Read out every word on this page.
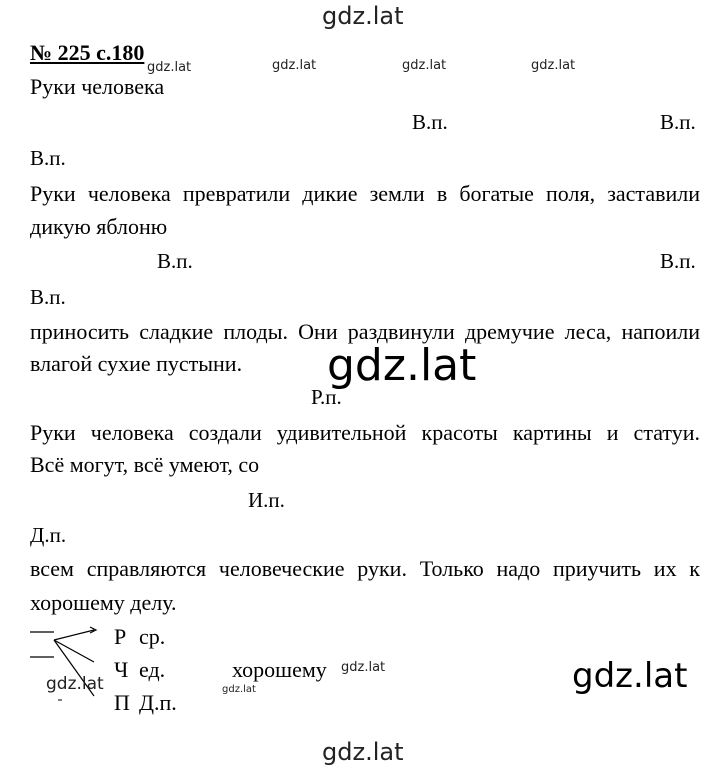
gdz.lat
gdz.lat	gdz.lat	gdz.lat	gdz.lat
№ 225 с.180
Руки человека
В.п.	В.п.
В.п.
Руки человека превратили дикие земли в богатые поля, заставили
дикую яблоню
В.п.	В.п.
В.п.
приносить сладкие плоды. Они раздвинули дремучие леса, напоили
влагой сухие пустыни. gdz.lat
Р.п.
Руки человека создали удивительной красоты картины и статуи.
Всё могут, всё умеют, со
И.п.
Д.п.
всем справляются человеческие руки. Только надо приучить их к
хорошему делу.
Р ср.
Ч ед.
П Д.п.
хорошему
gdz.lat	gdz.lat
gdz.lat	gdz.lat
gdz.lat
